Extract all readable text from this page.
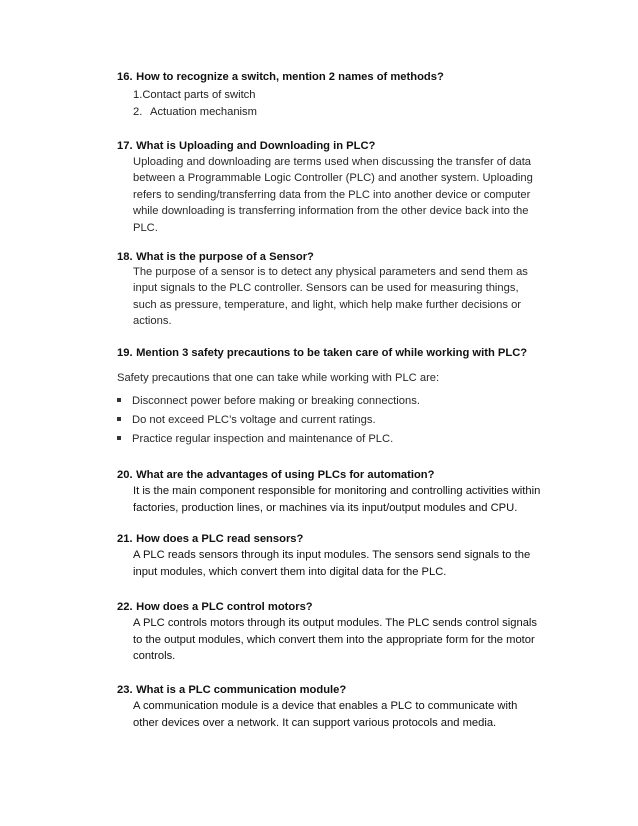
16. How to recognize a switch, mention 2 names of methods?
1.Contact parts of switch
2. Actuation mechanism
17. What is Uploading and Downloading in PLC?
Uploading and downloading are terms used when discussing the transfer of data between a Programmable Logic Controller (PLC) and another system. Uploading refers to sending/transferring data from the PLC into another device or computer while downloading is transferring information from the other device back into the PLC.
18. What is the purpose of a Sensor?
The purpose of a sensor is to detect any physical parameters and send them as input signals to the PLC controller. Sensors can be used for measuring things, such as pressure, temperature, and light, which help make further decisions or actions.
19. Mention 3 safety precautions to be taken care of while working with PLC?
Safety precautions that one can take while working with PLC are:
Disconnect power before making or breaking connections.
Do not exceed PLC’s voltage and current ratings.
Practice regular inspection and maintenance of PLC.
20. What are the advantages of using PLCs for automation?
It is the main component responsible for monitoring and controlling activities within factories, production lines, or machines via its input/output modules and CPU.
21. How does a PLC read sensors?
A PLC reads sensors through its input modules. The sensors send signals to the input modules, which convert them into digital data for the PLC.
22. How does a PLC control motors?
A PLC controls motors through its output modules. The PLC sends control signals to the output modules, which convert them into the appropriate form for the motor controls.
23. What is a PLC communication module?
A communication module is a device that enables a PLC to communicate with other devices over a network. It can support various protocols and media.
